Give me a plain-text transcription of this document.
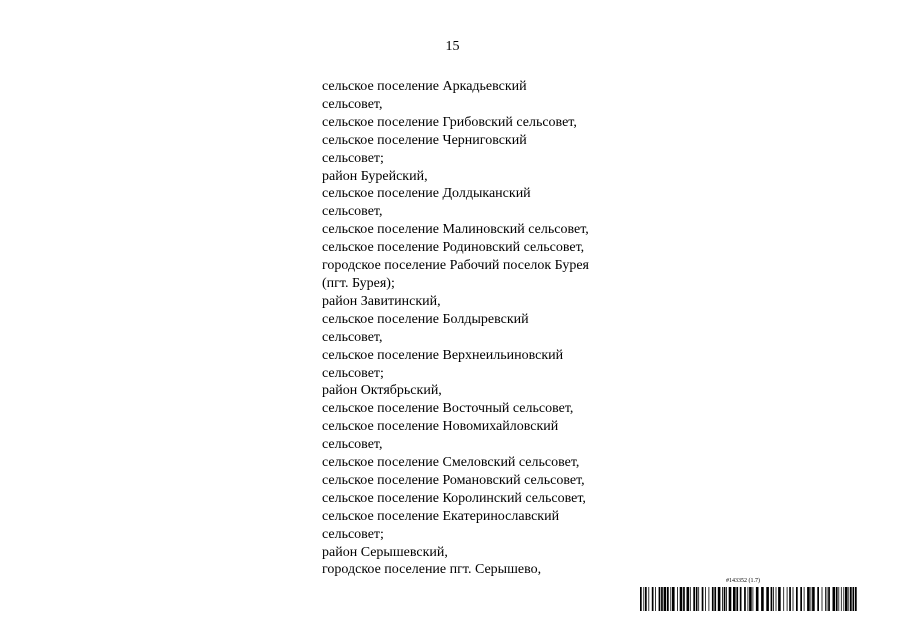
15
сельское поселение Аркадьевский
сельсовет,
сельское поселение Грибовский сельсовет,
сельское поселение Черниговский
сельсовет;
район Бурейский,
сельское поселение Долдыканский
сельсовет,
сельское поселение Малиновский сельсовет,
сельское поселение Родиновский сельсовет,
городское поселение Рабочий поселок Бурея
(пгт. Бурея);
район Завитинский,
сельское поселение Болдыревский
сельсовет,
сельское поселение Верхнеильиновский
сельсовет;
район Октябрьский,
сельское поселение Восточный сельсовет,
сельское поселение Новомихайловский
сельсовет,
сельское поселение Смеловский сельсовет,
сельское поселение Романовский сельсовет,
сельское поселение Королинский сельсовет,
сельское поселение Екатеринославский
сельсовет;
район Серышевский,
городское поселение пгт. Серышево,
#143352 (1.7)
